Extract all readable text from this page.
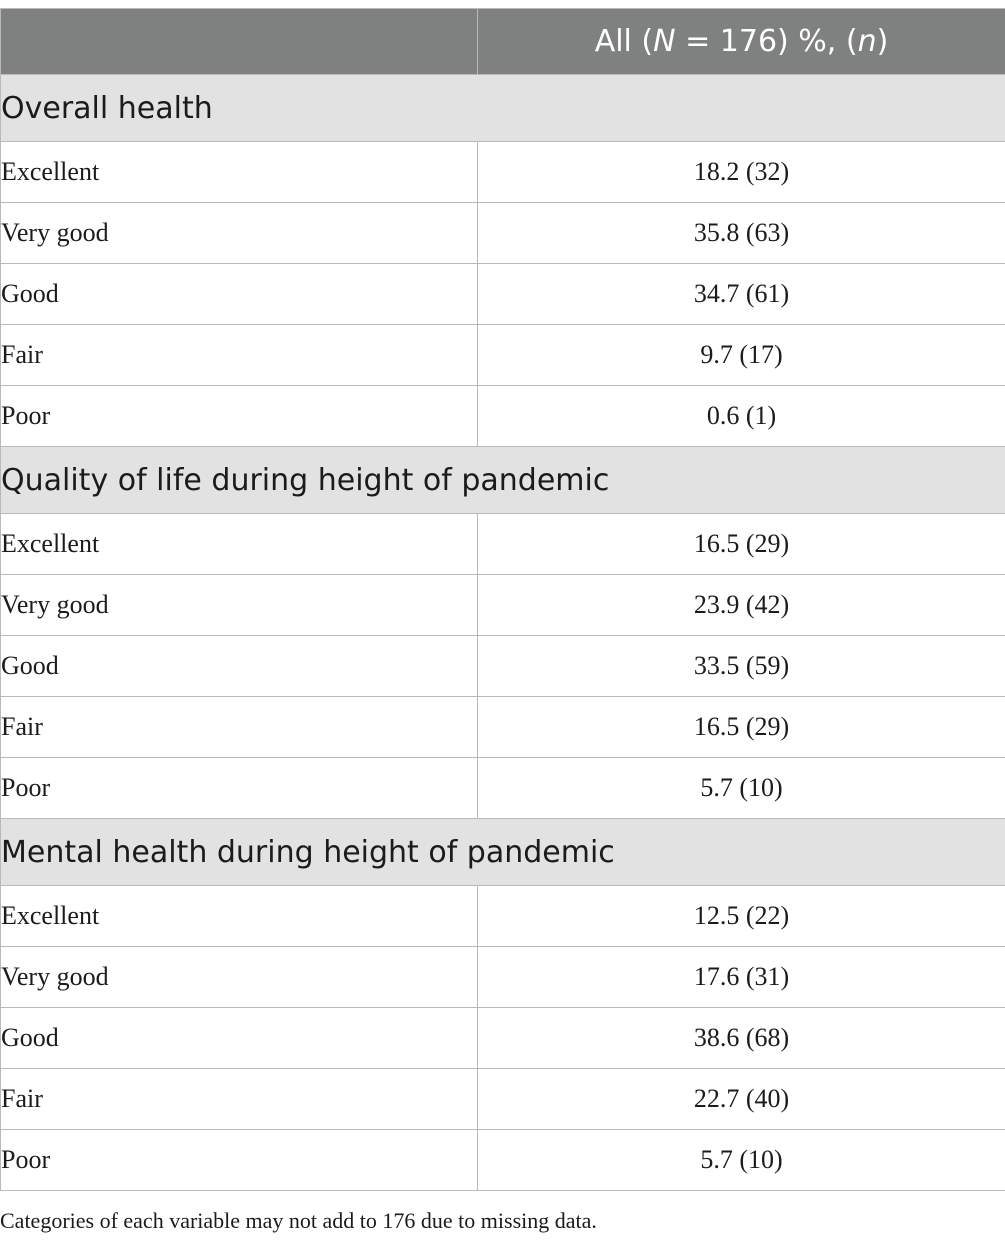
	All (N = 176) %, (n)
Overall health	
Excellent	18.2 (32)
Very good	35.8 (63)
Good	34.7 (61)
Fair	9.7 (17)
Poor	0.6 (1)
Quality of life during height of pandemic	
Excellent	16.5 (29)
Very good	23.9 (42)
Good	33.5 (59)
Fair	16.5 (29)
Poor	5.7 (10)
Mental health during height of pandemic	
Excellent	12.5 (22)
Very good	17.6 (31)
Good	38.6 (68)
Fair	22.7 (40)
Poor	5.7 (10)
Categories of each variable may not add to 176 due to missing data.
